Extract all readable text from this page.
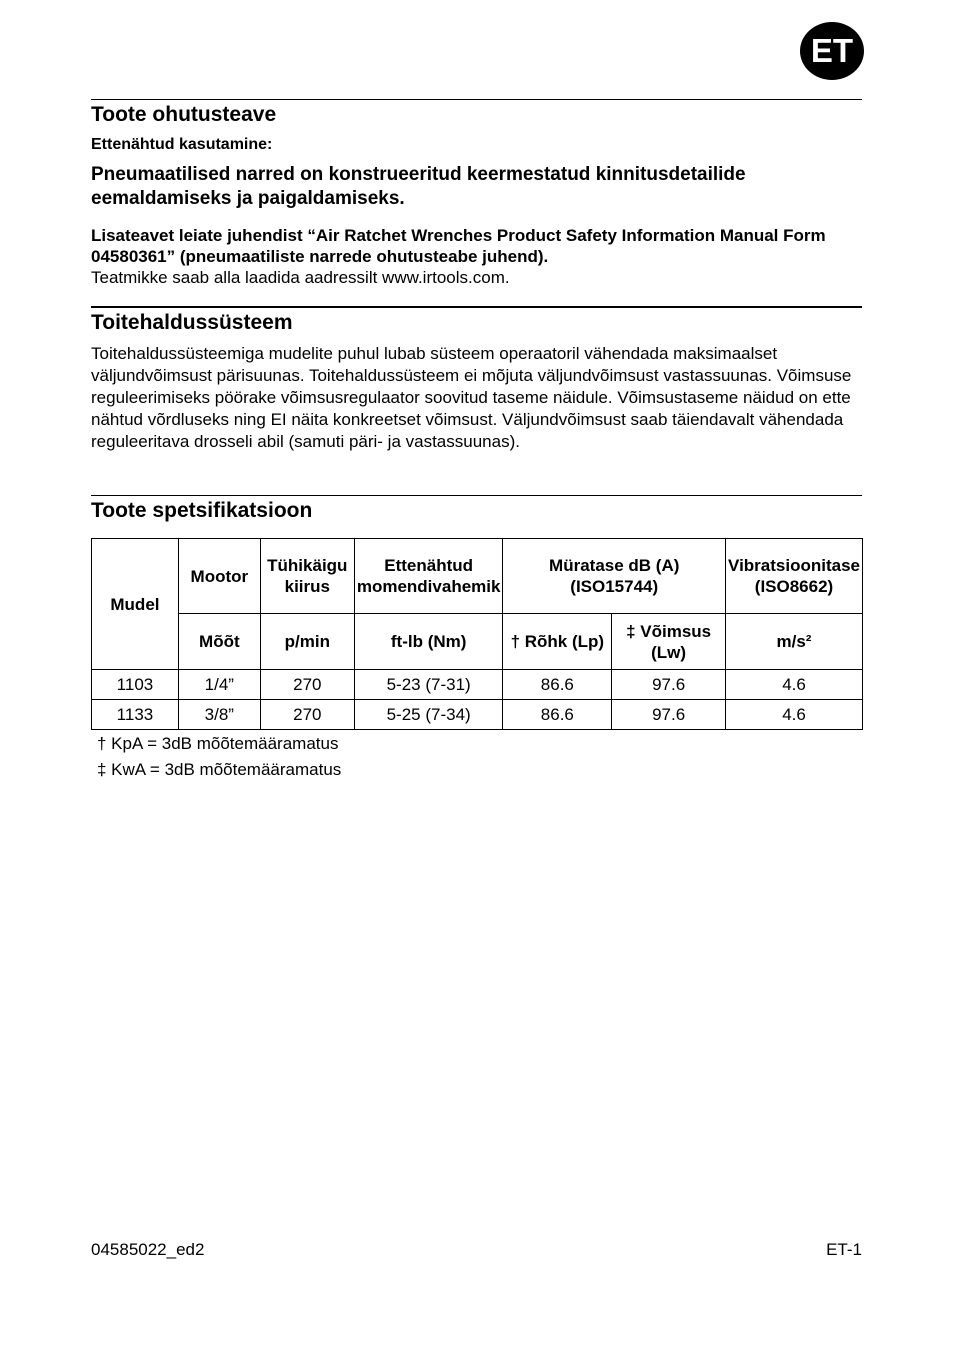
ET
Toote ohutusteave
Ettenähtud kasutamine:
Pneumaatilised narred on konstrueeritud keermestatud kinnitusdetailide eemaldamiseks ja paigaldamiseks.
Lisateavet leiate juhendist “Air Ratchet Wrenches Product Safety Information Manual Form 04580361” (pneumaatiliste narrede ohutusteabe juhend).
Teatmikke saab alla laadida aadressilt www.irtools.com.
Toitehaldussüsteem
Toitehaldussüsteemiga mudelite puhul lubab süsteem operaatoril vähendada maksimaalset väljundvõimsust pärisuunas. Toitehaldussüsteem ei mõjuta väljundvõimsust vastassuunas. Võimsuse reguleerimiseks pöörake võimsusregulaator soovitud taseme näidule. Võimsustaseme näidud on ette nähtud võrdluseks ning EI näita konkreetset võimsust. Väljundvõimsust saab täiendavalt vähendada reguleeritava drosseli abil (samuti päri- ja vastassuunas).
Toote spetsifikatsioon
Mudel	Mootor	Tühikäigu kiirus	Ettenähtud momendivahemik	Müratase dB (A) (ISO15744)		Vibratsioonitase (ISO8662)
	Mõõt	p/min	ft-lb (Nm)	† Rõhk (Lp)	‡ Võimsus (Lw)	m/s²
1103	1/4”	270	5-23 (7-31)	86.6	97.6	4.6
1133	3/8”	270	5-25 (7-34)	86.6	97.6	4.6
† KpA = 3dB mõõtemääramatus
‡ KwA = 3dB mõõtemääramatus
04585022_ed2	ET-1
